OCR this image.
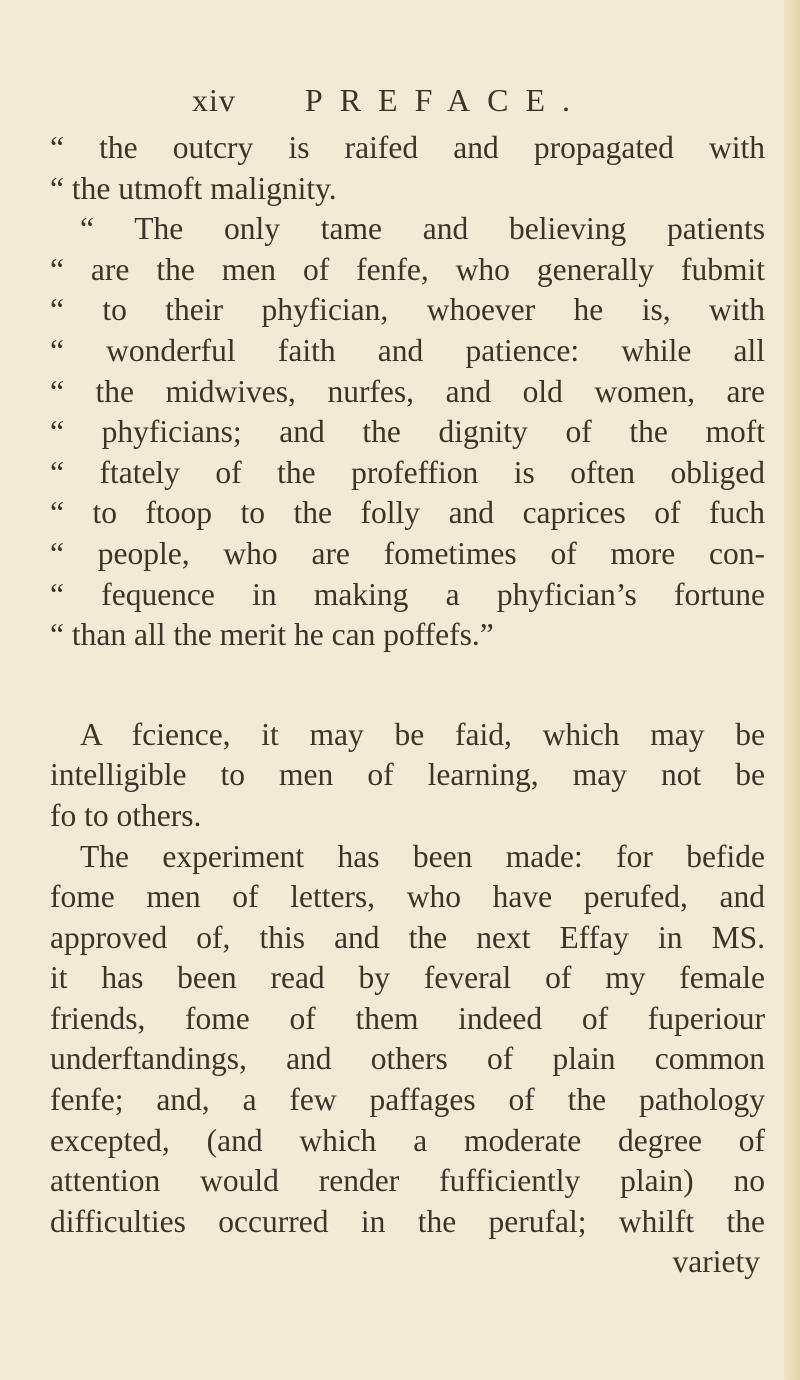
xiv PREFACE.
“ the outcry is raifed and propagated with
“ the utmoft malignity.
“ The only tame and believing patients
“ are the men of fenfe, who generally fubmit
“ to their phyfician, whoever he is, with
“ wonderful faith and patience: while all
“ the midwives, nurfes, and old women, are
“ phyficians; and the dignity of the moft
“ ftately of the profeffion is often obliged
“ to ftoop to the folly and caprices of fuch
“ people, who are fometimes of more con-
“ fequence in making a phyfician’s fortune
“ than all the merit he can poffefs.”
A fcience, it may be faid, which may be
intelligible to men of learning, may not be
fo to others.
The experiment has been made: for befide
fome men of letters, who have perufed, and
approved of, this and the next Effay in MS.
it has been read by feveral of my female
friends, fome of them indeed of fuperiour
underftandings, and others of plain common
fenfe; and, a few paffages of the pathology
excepted, (and which a moderate degree of
attention would render fufficiently plain) no
difficulties occurred in the perufal; whilft the
variety
